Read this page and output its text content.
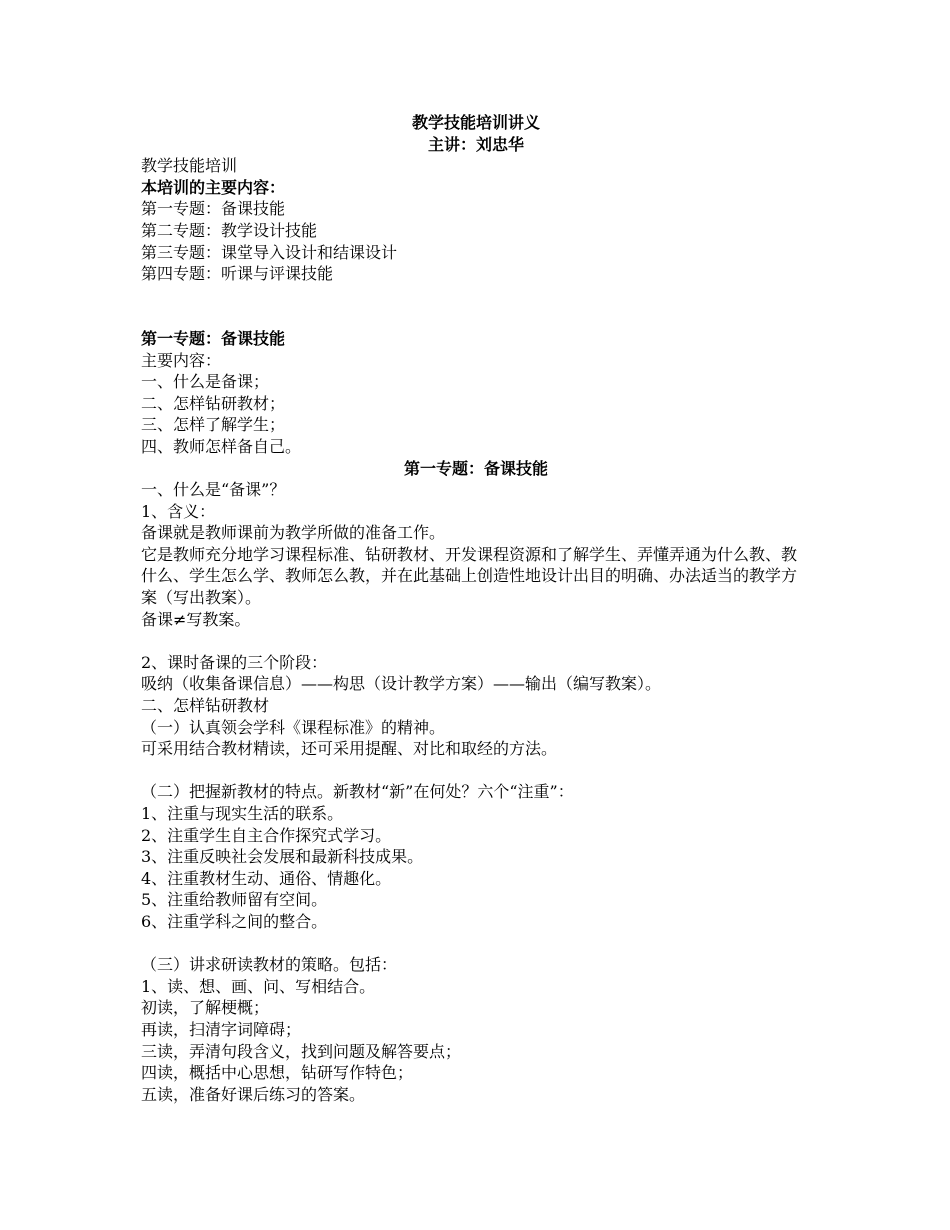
教学技能培训讲义
主讲：刘忠华
教学技能培训
本培训的主要内容：
第一专题：备课技能
第二专题：教学设计技能
第三专题：课堂导入设计和结课设计
第四专题：听课与评课技能
第一专题：备课技能
主要内容：
一、什么是备课；
二、怎样钻研教材；
三、怎样了解学生；
四、教师怎样备自己。
第一专题：备课技能
一、什么是“备课”？
1、含义：
备课就是教师课前为教学所做的准备工作。
它是教师充分地学习课程标准、钻研教材、开发课程资源和了解学生、弄懂弄通为什么教、教什么、学生怎么学、教师怎么教，并在此基础上创造性地设计出目的明确、办法适当的教学方案（写出教案）。
备课≠写教案。
2、课时备课的三个阶段：
吸纳（收集备课信息）——构思（设计教学方案）——输出（编写教案）。
二、怎样钻研教材
（一）认真领会学科《课程标准》的精神。
可采用结合教材精读，还可采用提醒、对比和取经的方法。
（二）把握新教材的特点。新教材“新”在何处？六个“注重”：
1、注重与现实生活的联系。
2、注重学生自主合作探究式学习。
3、注重反映社会发展和最新科技成果。
4、注重教材生动、通俗、情趣化。
5、注重给教师留有空间。
6、注重学科之间的整合。
（三）讲求研读教材的策略。包括：
1、读、想、画、问、写相结合。
初读，了解梗概；
再读，扫清字词障碍；
三读，弄清句段含义，找到问题及解答要点；
四读，概括中心思想，钻研写作特色；
五读，准备好课后练习的答案。
